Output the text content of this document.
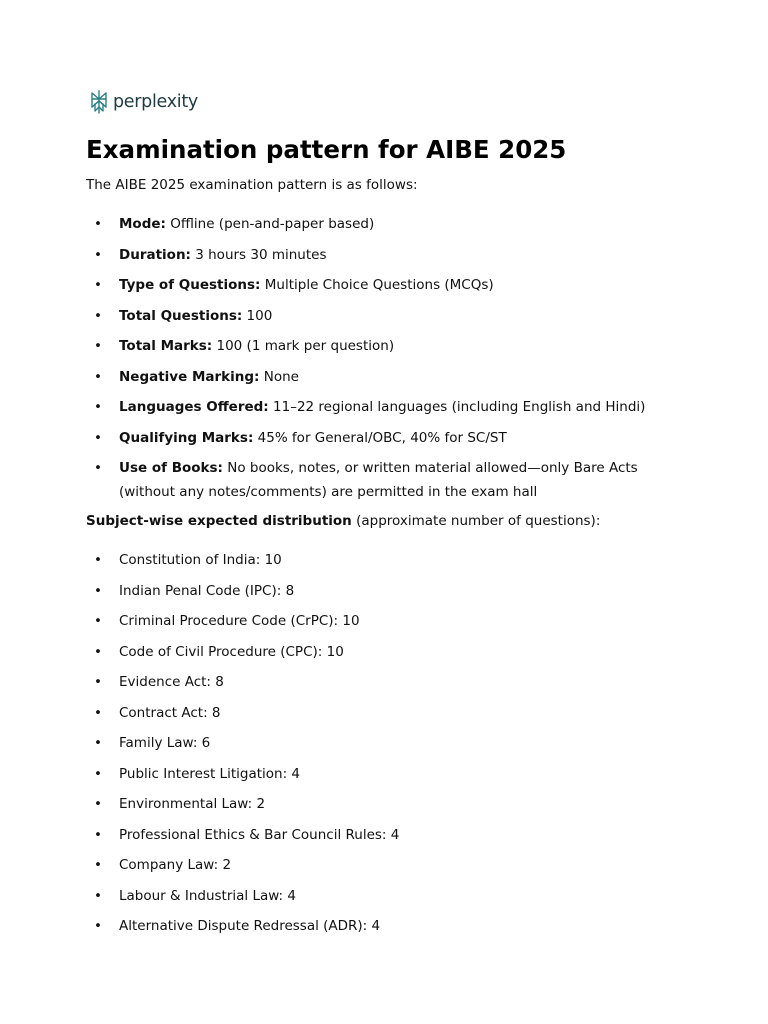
perplexity
Examination pattern for AIBE 2025
The AIBE 2025 examination pattern is as follows:
• Mode: Offline (pen-and-paper based)
• Duration: 3 hours 30 minutes
• Type of Questions: Multiple Choice Questions (MCQs)
• Total Questions: 100
• Total Marks: 100 (1 mark per question)
• Negative Marking: None
• Languages Offered: 11–22 regional languages (including English and Hindi)
• Qualifying Marks: 45% for General/OBC, 40% for SC/ST
• Use of Books: No books, notes, or written material allowed—only Bare Acts (without any notes/comments) are permitted in the exam hall
Subject-wise expected distribution (approximate number of questions):
• Constitution of India: 10
• Indian Penal Code (IPC): 8
• Criminal Procedure Code (CrPC): 10
• Code of Civil Procedure (CPC): 10
• Evidence Act: 8
• Contract Act: 8
• Family Law: 6
• Public Interest Litigation: 4
• Environmental Law: 2
• Professional Ethics & Bar Council Rules: 4
• Company Law: 2
• Labour & Industrial Law: 4
• Alternative Dispute Redressal (ADR): 4
